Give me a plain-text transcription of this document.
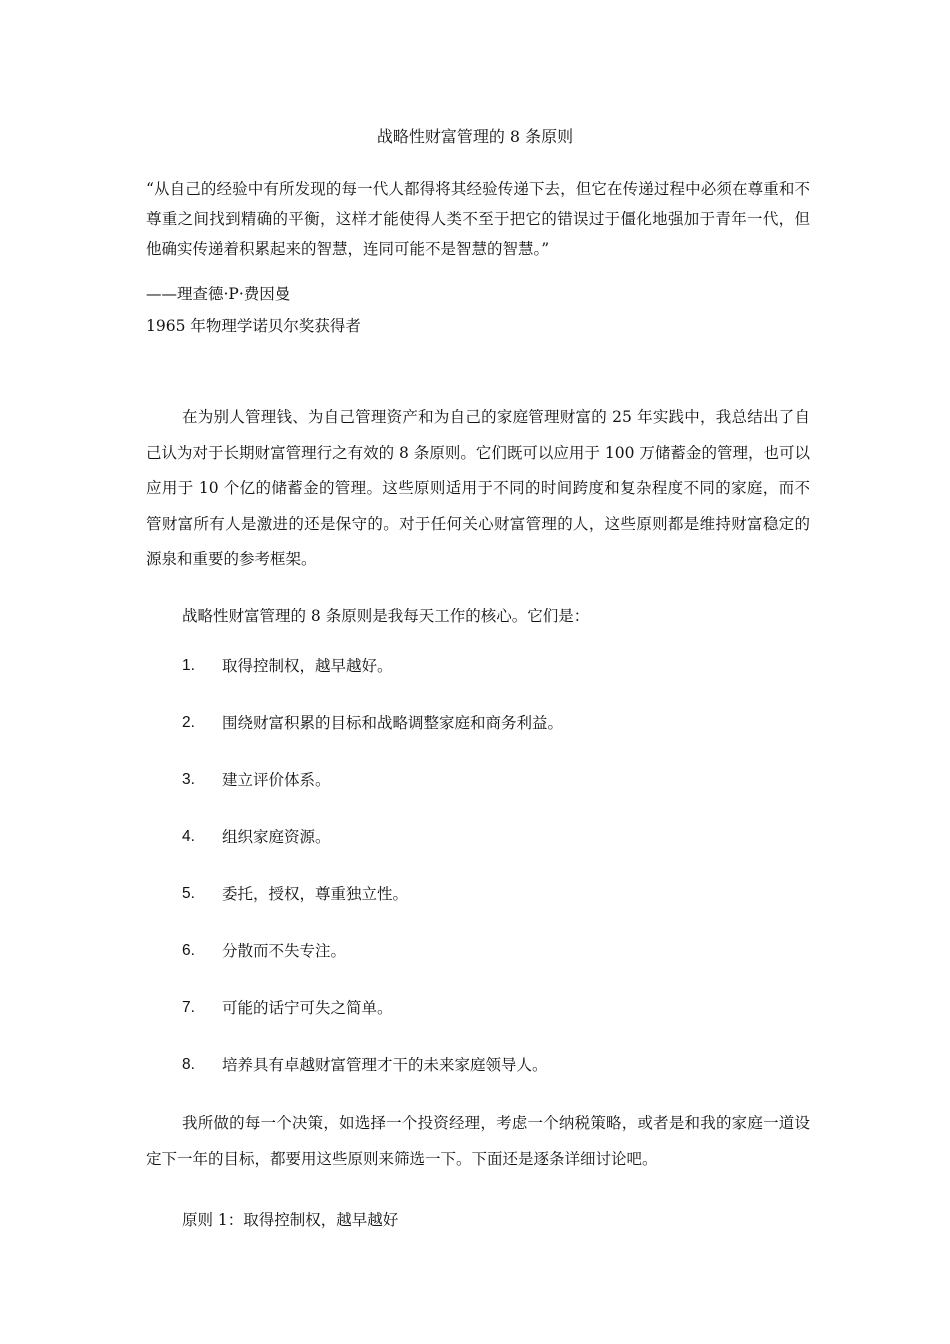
战略性财富管理的 8 条原则

“从自己的经验中有所发现的每一代人都得将其经验传递下去，但它在传递过程中必须在尊重和不尊重之间找到精确的平衡，这样才能使得人类不至于把它的错误过于僵化地强加于青年一代，但他确实传递着积累起来的智慧，连同可能不是智慧的智慧。”

——理查德·P·费因曼
1965 年物理学诺贝尔奖获得者

在为别人管理钱、为自己管理资产和为自己的家庭管理财富的 25 年实践中，我总结出了自己认为对于长期财富管理行之有效的 8 条原则。它们既可以应用于 100 万储蓄金的管理，也可以应用于 10 个亿的储蓄金的管理。这些原则适用于不同的时间跨度和复杂程度不同的家庭，而不管财富所有人是激进的还是保守的。对于任何关心财富管理的人，这些原则都是维持财富稳定的源泉和重要的参考框架。

战略性财富管理的 8 条原则是我每天工作的核心。它们是：

1.	取得控制权，越早越好。
2.	围绕财富积累的目标和战略调整家庭和商务利益。
3.	建立评价体系。
4.	组织家庭资源。
5.	委托，授权，尊重独立性。
6.	分散而不失专注。
7.	可能的话宁可失之简单。
8.	培养具有卓越财富管理才干的未来家庭领导人。

我所做的每一个决策，如选择一个投资经理，考虑一个纳税策略，或者是和我的家庭一道设定下一年的目标，都要用这些原则来筛选一下。下面还是逐条详细讨论吧。

原则 1：取得控制权，越早越好
